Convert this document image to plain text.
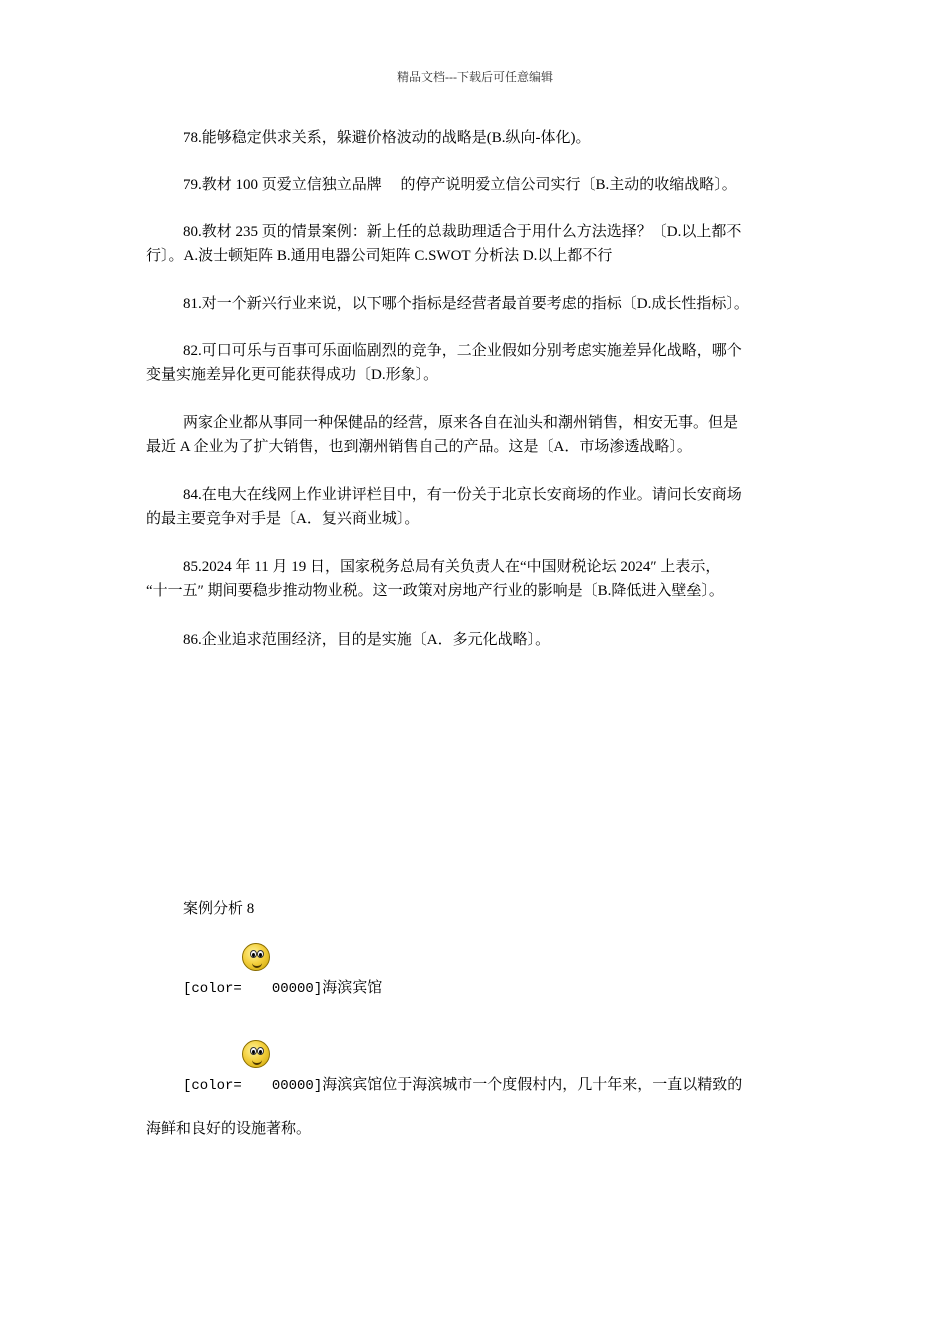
精品文档---下载后可任意编辑
78.能够稳定供求关系，躲避价格波动的战略是(B.纵向-体化)。
79.教材 100 页爱立信独立品牌　 的停产说明爱立信公司实行〔B.主动的收缩战略〕。
80.教材 235 页的情景案例：新上任的总裁助理适合于用什么方法选择？〔D.以上都不
行〕。A.波士顿矩阵 B.通用电器公司矩阵 C.SWOT 分析法 D.以上都不行
81.对一个新兴行业来说，以下哪个指标是经营者最首要考虑的指标〔D.成长性指标〕。
82.可口可乐与百事可乐面临剧烈的竞争，二企业假如分别考虑实施差异化战略，哪个
变量实施差异化更可能获得成功〔D.形象〕。
两家企业都从事同一种保健品的经营，原来各自在汕头和潮州销售，相安无事。但是
最近 A 企业为了扩大销售，也到潮州销售自己的产品。这是〔A．市场渗透战略〕。
84.在电大在线网上作业讲评栏目中，有一份关于北京长安商场的作业。请问长安商场
的最主要竞争对手是〔A．复兴商业城〕。
85.2024 年 11 月 19 日，国家税务总局有关负责人在“中国财税论坛 2024″ 上表示，
“十一五″ 期间要稳步推动物业税。这一政策对房地产行业的影响是〔B.降低进入壁垒〕。
86.企业追求范围经济，目的是实施〔A．多元化战略〕。
案例分析 8
[color= 00000]海滨宾馆
[color= 00000]海滨宾馆位于海滨城市一个度假村内，几十年来，一直以精致的
海鲜和良好的设施著称。
